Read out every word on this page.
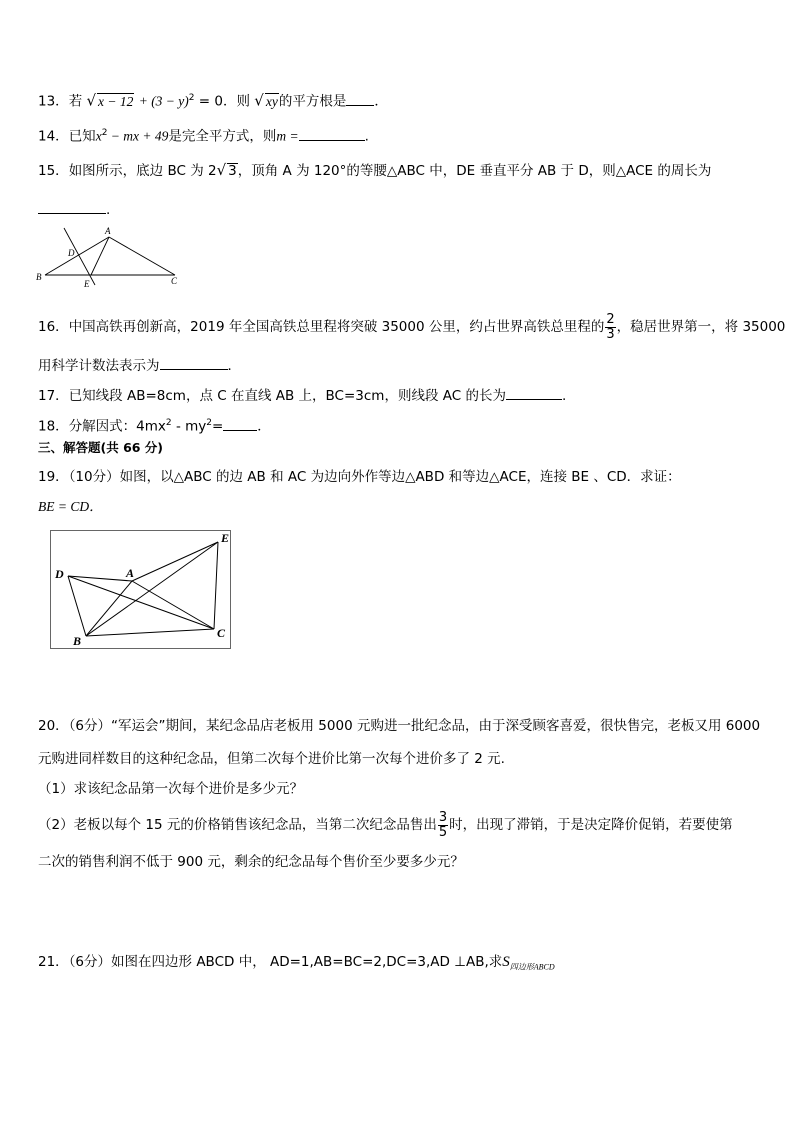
13．若 √ $x - 12 + (3 - y)^2 = 0$．则 √ xy的平方根是 ．
14．已知$x^2$ − mx + 49是完全平方式，则m =	.
15．如图所示，底边 BC 为 2√ 3，顶角 A 为 120°的等腰△ABC 中，DE 垂直平分 AB 于 D，则△ACE 的周长为
.
A
D
B
E	C
16．中国高铁再创新高，2019 年全国高铁总里程将突破 35000 公里，约占世界高铁总里程的 $\frac{2}{3}$ ，稳居世界第一，将 35000
用科学计数法表示为	．
17．已知线段 AB=8cm，点 C 在直线 AB 上，BC=3cm，则线段 AC 的长为	.
18．分解因式：$4mx^2 - my^2=$	．
三、解答题(共 66 分)
19．（10分）如图，以△ABC 的边 AB 和 AC 为边向外作等边△ABD 和等边△ACE，连接 BE 、CD．求证：
BE = CD．
D	A
E
B
C
20．（6分）“军运会”期间，某纪念品店老板用 5000 元购进一批纪念品，由于深受顾客喜爱，很快售完，老板又用 6000
元购进同样数目的这种纪念品，但第二次每个进价比第一次每个进价多了 2 元.
（1）求该纪念品第一次每个进价是多少元？
（2）老板以每个 15 元的价格销售该纪念品，当第二次纪念品售出 $\frac{3}{5}$ 时，出现了滞销，于是决定降价促销，若要使第
二次的销售利润不低于 900 元，剩余的纪念品每个售价至少要多少元？
21．（6分）如图在四边形 ABCD 中， AD=1,AB=BC=2,DC=3,AD ⊥AB,求$S_{四边形ABCD}$
